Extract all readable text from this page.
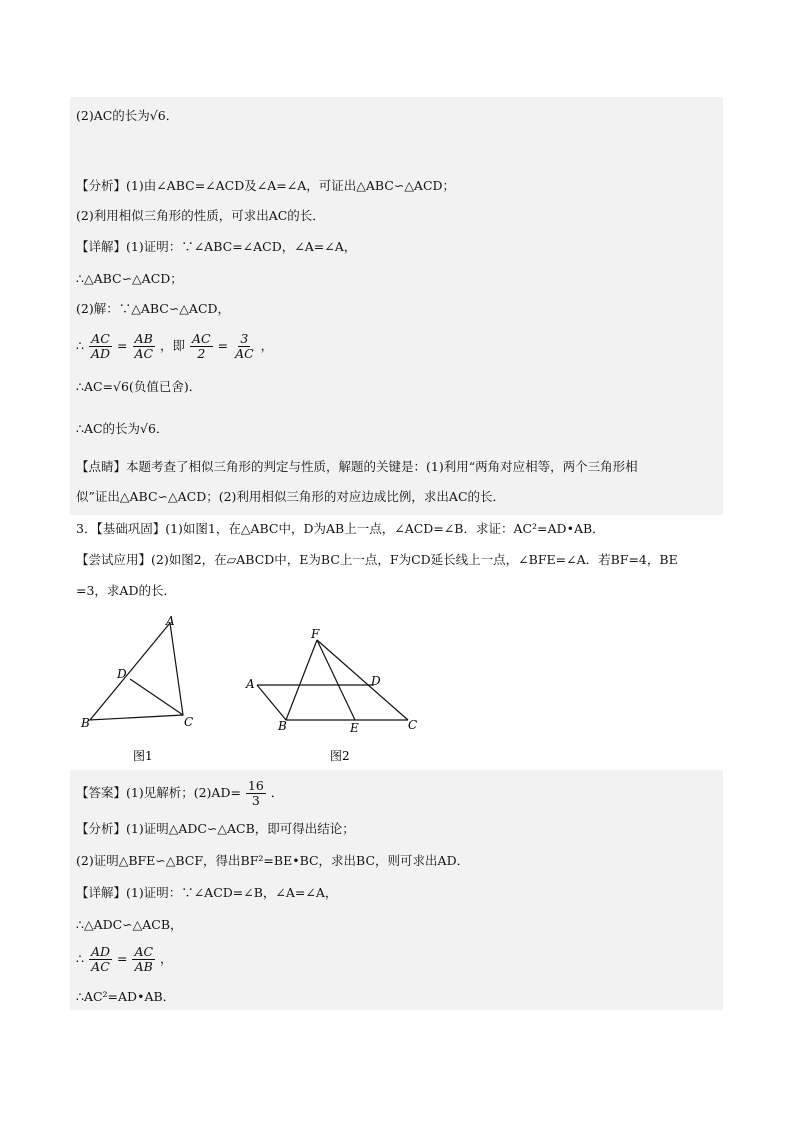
(2)AC的长为√6．
【分析】(1)由∠ABC=∠ACD及∠A=∠A，可证出△ABC∽△ACD；
(2)利用相似三角形的性质，可求出AC的长．
【详解】(1)证明：∵∠ABC=∠ACD，∠A=∠A，
∴△ABC∽△ACD；
(2)解：∵△ABC∽△ACD，
∴ $\frac{AC}{AD} = \frac{AB}{AC}$ ，即 $\frac{AC}{2} = \frac{3}{AC}$ ，
∴AC=√6(负值已舍)．
∴AC的长为√6．
【点睛】本题考查了相似三角形的判定与性质，解题的关键是：(1)利用“两角对应相等，两个三角形相
似”证出△ABC∽△ACD；(2)利用相似三角形的对应边成比例，求出AC的长．
3．【基础巩固】(1)如图1，在△ABC中，D为AB上一点，∠ACD=∠B．求证：AC²=AD•AB．
【尝试应用】(2)如图2，在▱ABCD中，E为BC上一点，F为CD延长线上一点，∠BFE=∠A．若BF=4，BE
=3，求AD的长．
A
B	C
D
图1
F
A	D
B	E	C
图2
【答案】(1)见解析；$(2)AD= \frac{16}{3}$ ．
【分析】(1)证明△ADC∽△ACB，即可得出结论；
(2)证明△BFE∽△BCF，得出BF²=BE•BC，求出BC，则可求出AD．
【详解】(1)证明：∵∠ACD=∠B，∠A=∠A，
∴△ADC∽△ACB，
∴ $\frac{AD}{AC} = \frac{AC}{AB}$ ，
∴AC²=AD•AB．
